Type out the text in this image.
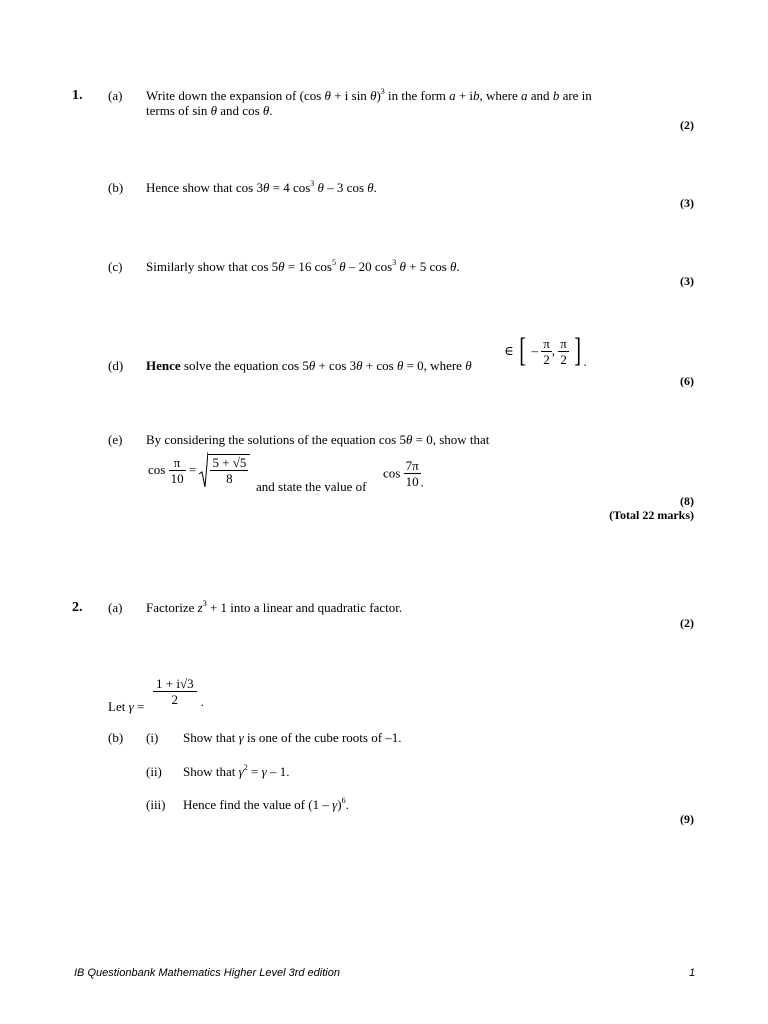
1. (a) Write down the expansion of (cos θ + i sin θ)$^3$ in the form a + ib, where a and b are in
terms of sin θ and cos θ.
(2)
(b) Hence show that cos 3θ = 4 $\cos^3 \theta - 3$ cos θ.
(3)
(c) Similarly show that cos 5θ = 16 $\cos^5 \theta - 20$ $\cos^3 \theta + 5$ cos θ.
(3)
(d) Hence solve the equation cos 5θ + cos 3θ + cos θ = 0, where θ
∈ [ – $\frac{\pi}{2}$ , $\frac{\pi}{2}$ ] .
(6)
(e) By considering the solutions of the equation cos 5θ = 0, show that
$\cos \frac{\pi}{10} = \frac{5 + √5}{8}$
and state the value of
$\cos \frac{7\pi}{10}$ .
(8)
(Total 22 marks)
2. (a) Factorize $z^3 + 1$ into a linear and quadratic factor.
(2)
Let $\gamma = \frac{1 + i√3}{2}$ .
(b) (i) Show that γ is one of the cube roots of –1.
(ii) Show that $\gamma^2 = \gamma - 1$.
(iii) Hence find the value of (1 – γ)$^6$.
(9)
IB Questionbank Mathematics Higher Level 3rd edition	1
